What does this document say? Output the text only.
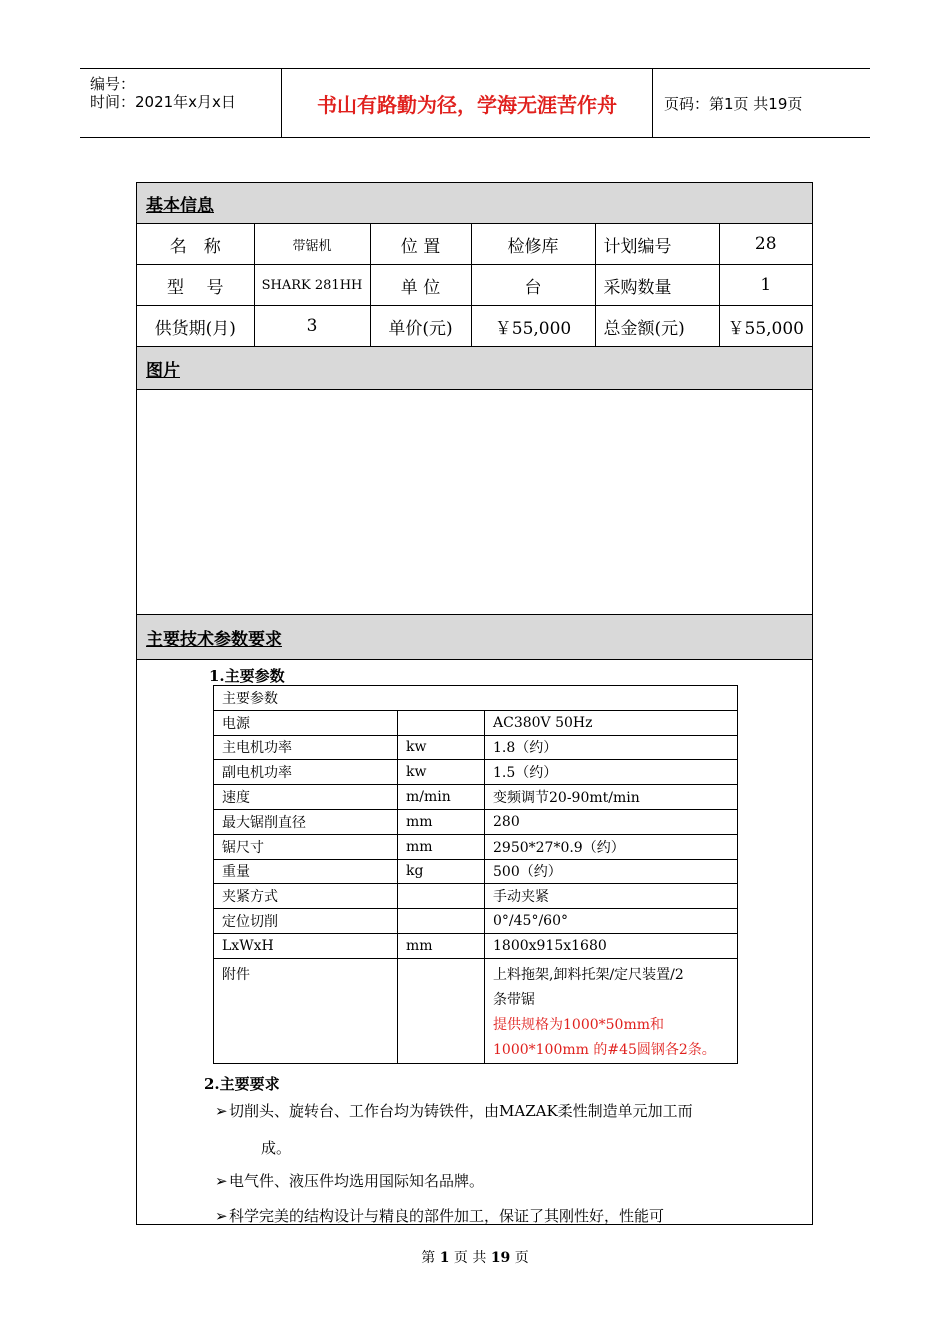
编号：
时间：2021年x月x日	书山有路勤为径，学海无涯苦作舟	页码：第1页 共19页
基本信息
名　称	带锯机	位 置	检修库	计划编号	28
型　 号	SHARK 281HH	单 位	台	采购数量	1
供货期(月)	3	单价(元)	￥55,000	总金额(元)	￥55,000
图片
主要技术参数要求
1.主要参数
主要参数		
电源		AC380V 50Hz
主电机功率	kw	1.8（约）
副电机功率	kw	1.5（约）
速度	m/min	变频调节20-90mt/min
最大锯削直径	mm	280
锯尺寸	mm	2950*27*0.9（约）
重量	kg	500（约）
夹紧方式		手动夹紧
定位切削		0°/45°/60°
LxWxH	mm	1800x915x1680
附件		上料拖架,卸料托架/定尺装置/2
条带锯
提供规格为1000*50mm和
1000*100mm 的#45圆钢各2条。
2.主要要求
➢切削头、旋转台、工作台均为铸铁件，由MAZAK柔性制造单元加工而
成。
➢电气件、液压件均选用国际知名品牌。
➢科学完美的结构设计与精良的部件加工，保证了其刚性好，性能可
第 1 页 共 19 页
